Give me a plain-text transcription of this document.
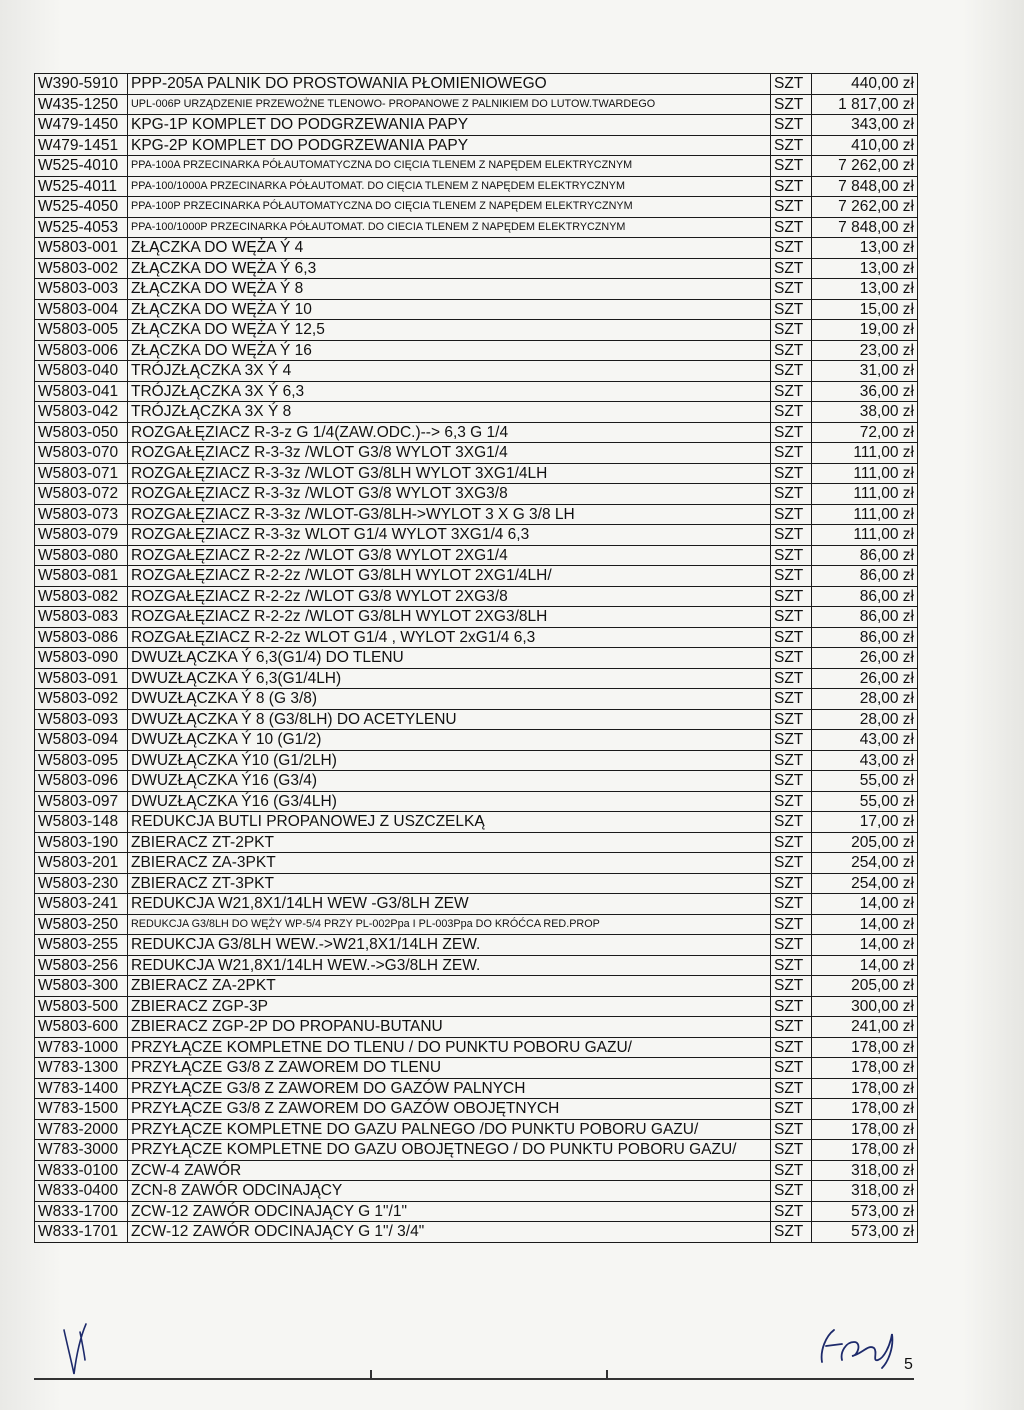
W390-5910	PPP-205A PALNIK DO PROSTOWANIA PŁOMIENIOWEGO	SZT	440,00 zł
W435-1250	UPL-006P URZĄDZENIE PRZEWOŻNE TLENOWO- PROPANOWE Z PALNIKIEM DO LUTOW.TWARDEGO	SZT	1 817,00 zł
W479-1450	KPG-1P KOMPLET DO PODGRZEWANIA PAPY	SZT	343,00 zł
W479-1451	KPG-2P KOMPLET DO PODGRZEWANIA PAPY	SZT	410,00 zł
W525-4010	PPA-100A PRZECINARKA PÓŁAUTOMATYCZNA DO CIĘCIA TLENEM Z NAPĘDEM ELEKTRYCZNYM	SZT	7 262,00 zł
W525-4011	PPA-100/1000A PRZECINARKA PÓŁAUTOMAT. DO CIĘCIA TLENEM Z NAPĘDEM ELEKTRYCZNYM	SZT	7 848,00 zł
W525-4050	PPA-100P PRZECINARKA PÓŁAUTOMATYCZNA DO CIĘCIA TLENEM Z NAPĘDEM ELEKTRYCZNYM	SZT	7 262,00 zł
W525-4053	PPA-100/1000P PRZECINARKA PÓŁAUTOMAT. DO CIECIA TLENEM Z NAPĘDEM ELEKTRYCZNYM	SZT	7 848,00 zł
W5803-001	ZŁĄCZKA DO WĘŻA Ý 4	SZT	13,00 zł
W5803-002	ZŁĄCZKA DO WĘŻA Ý 6,3	SZT	13,00 zł
W5803-003	ZŁĄCZKA DO WĘŻA Ý 8	SZT	13,00 zł
W5803-004	ZŁĄCZKA DO WĘŻA Ý 10	SZT	15,00 zł
W5803-005	ZŁĄCZKA DO WĘŻA Ý 12,5	SZT	19,00 zł
W5803-006	ZŁĄCZKA DO WĘŻA Ý 16	SZT	23,00 zł
W5803-040	TRÓJZŁĄCZKA 3X Ý 4	SZT	31,00 zł
W5803-041	TRÓJZŁĄCZKA 3X Ý 6,3	SZT	36,00 zł
W5803-042	TRÓJZŁĄCZKA 3X Ý 8	SZT	38,00 zł
W5803-050	ROZGAŁĘZIACZ R-3-z G 1/4(ZAW.ODC.)--> 6,3 G 1/4	SZT	72,00 zł
W5803-070	ROZGAŁĘZIACZ R-3-3z /WLOT G3/8 WYLOT 3XG1/4	SZT	111,00 zł
W5803-071	ROZGAŁĘZIACZ R-3-3z /WLOT G3/8LH WYLOT 3XG1/4LH	SZT	111,00 zł
W5803-072	ROZGAŁĘZIACZ R-3-3z /WLOT G3/8 WYLOT 3XG3/8	SZT	111,00 zł
W5803-073	ROZGAŁĘZIACZ R-3-3z /WLOT-G3/8LH->WYLOT 3 X G 3/8 LH	SZT	111,00 zł
W5803-079	ROZGAŁĘZIACZ R-3-3z WLOT G1/4 WYLOT 3XG1/4 6,3	SZT	111,00 zł
W5803-080	ROZGAŁĘZIACZ R-2-2z /WLOT G3/8 WYLOT 2XG1/4	SZT	86,00 zł
W5803-081	ROZGAŁĘZIACZ R-2-2z /WLOT G3/8LH WYLOT 2XG1/4LH/	SZT	86,00 zł
W5803-082	ROZGAŁĘZIACZ R-2-2z /WLOT G3/8 WYLOT 2XG3/8	SZT	86,00 zł
W5803-083	ROZGAŁĘZIACZ R-2-2z /WLOT G3/8LH WYLOT 2XG3/8LH	SZT	86,00 zł
W5803-086	ROZGAŁĘZIACZ R-2-2z WLOT G1/4 , WYLOT 2xG1/4 6,3	SZT	86,00 zł
W5803-090	DWUZŁĄCZKA Ý 6,3(G1/4) DO TLENU	SZT	26,00 zł
W5803-091	DWUZŁĄCZKA Ý 6,3(G1/4LH)	SZT	26,00 zł
W5803-092	DWUZŁĄCZKA Ý 8 (G 3/8)	SZT	28,00 zł
W5803-093	DWUZŁĄCZKA Ý 8 (G3/8LH) DO ACETYLENU	SZT	28,00 zł
W5803-094	DWUZŁĄCZKA Ý 10 (G1/2)	SZT	43,00 zł
W5803-095	DWUZŁĄCZKA Ý10 (G1/2LH)	SZT	43,00 zł
W5803-096	DWUZŁĄCZKA Ý16 (G3/4)	SZT	55,00 zł
W5803-097	DWUZŁĄCZKA Ý16 (G3/4LH)	SZT	55,00 zł
W5803-148	REDUKCJA BUTLI PROPANOWEJ Z USZCZELKĄ	SZT	17,00 zł
W5803-190	ZBIERACZ ZT-2PKT	SZT	205,00 zł
W5803-201	ZBIERACZ ZA-3PKT	SZT	254,00 zł
W5803-230	ZBIERACZ ZT-3PKT	SZT	254,00 zł
W5803-241	REDUKCJA W21,8X1/14LH WEW -G3/8LH ZEW	SZT	14,00 zł
W5803-250	REDUKCJA G3/8LH DO WĘŻY WP-5/4 PRZY PL-002Ppa I PL-003Ppa DO KRÓĆCA RED.PROP	SZT	14,00 zł
W5803-255	REDUKCJA G3/8LH WEW.->W21,8X1/14LH ZEW.	SZT	14,00 zł
W5803-256	REDUKCJA W21,8X1/14LH WEW.->G3/8LH ZEW.	SZT	14,00 zł
W5803-300	ZBIERACZ ZA-2PKT	SZT	205,00 zł
W5803-500	ZBIERACZ ZGP-3P	SZT	300,00 zł
W5803-600	ZBIERACZ ZGP-2P DO PROPANU-BUTANU	SZT	241,00 zł
W783-1000	PRZYŁĄCZE KOMPLETNE DO TLENU / DO PUNKTU POBORU GAZU/	SZT	178,00 zł
W783-1300	PRZYŁĄCZE G3/8 Z ZAWOREM DO TLENU	SZT	178,00 zł
W783-1400	PRZYŁĄCZE G3/8 Z ZAWOREM DO GAZÓW PALNYCH	SZT	178,00 zł
W783-1500	PRZYŁĄCZE G3/8 Z ZAWOREM DO GAZÓW OBOJĘTNYCH	SZT	178,00 zł
W783-2000	PRZYŁĄCZE KOMPLETNE DO GAZU PALNEGO /DO PUNKTU POBORU GAZU/	SZT	178,00 zł
W783-3000	PRZYŁĄCZE KOMPLETNE DO GAZU OBOJĘTNEGO / DO PUNKTU POBORU GAZU/	SZT	178,00 zł
W833-0100	ZCW-4 ZAWÓR	SZT	318,00 zł
W833-0400	ZCN-8 ZAWÓR ODCINAJĄCY	SZT	318,00 zł
W833-1700	ZCW-12 ZAWÓR ODCINAJĄCY G 1"/1"	SZT	573,00 zł
W833-1701	ZCW-12 ZAWÓR ODCINAJĄCY G 1"/ 3/4"	SZT	573,00 zł
5
